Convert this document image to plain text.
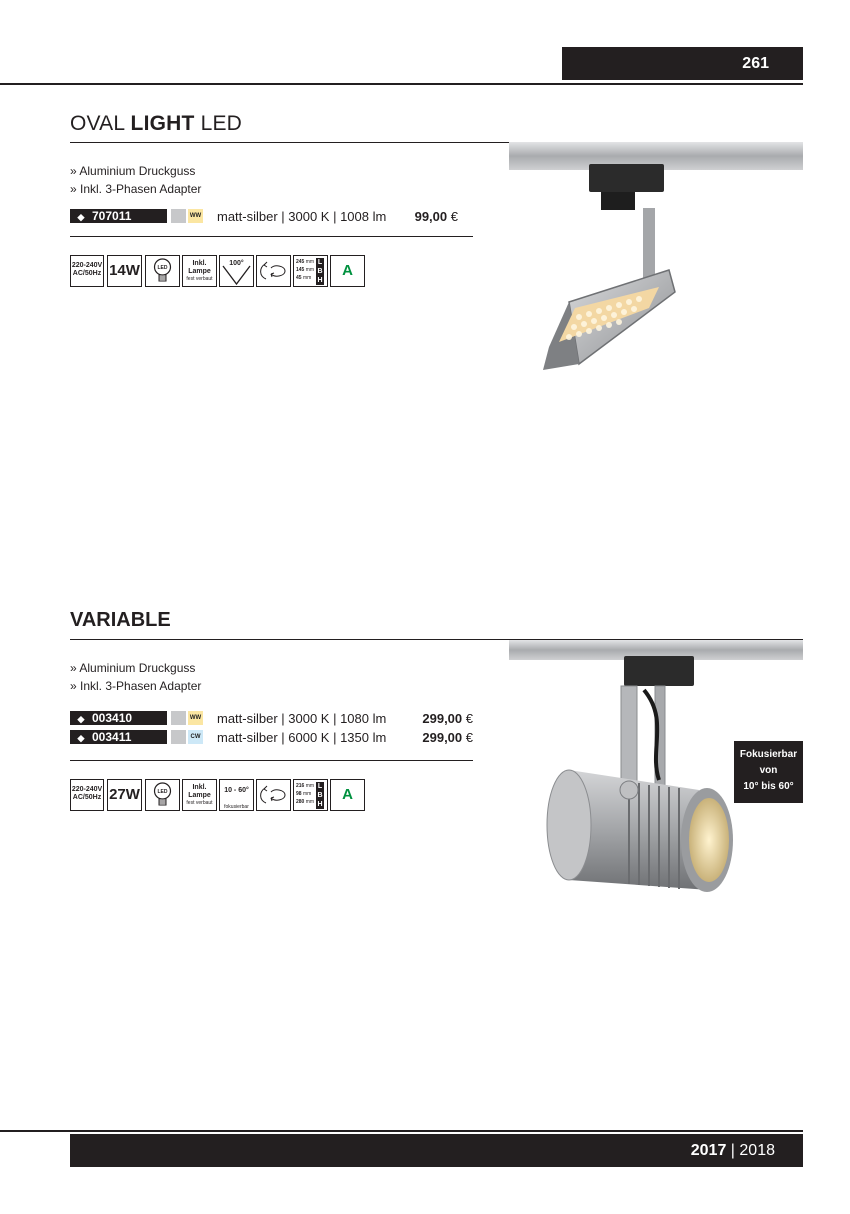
261
OVAL LIGHT LED
» Aluminium Druckguss
» Inkl. 3-Phasen Adapter
◆ 707011	WW matt-silber | 3000 K | 1008 lm	99,00 €
220-240V
AC/50Hz 14W	LED
Inkl.
Lampe
fest verbaut
100°	245 mm
145 mm
45 mm
L
B
H
A
VARIABLE
» Aluminium Druckguss
» Inkl. 3-Phasen Adapter
◆ 003410	WW matt-silber | 3000 K | 1080 lm	299,00 €
◆ 003411	CW matt-silber | 6000 K | 1350 lm	299,00 €
220-240V
AC/50Hz 27W	LED
Inkl.
Lampe
fest verbaut
10 - 60°
fokusierbar
216 mm
98 mm
280 mm
L
B
H
A
Fokusierbar
von
10° bis 60°
2017 | 2018
